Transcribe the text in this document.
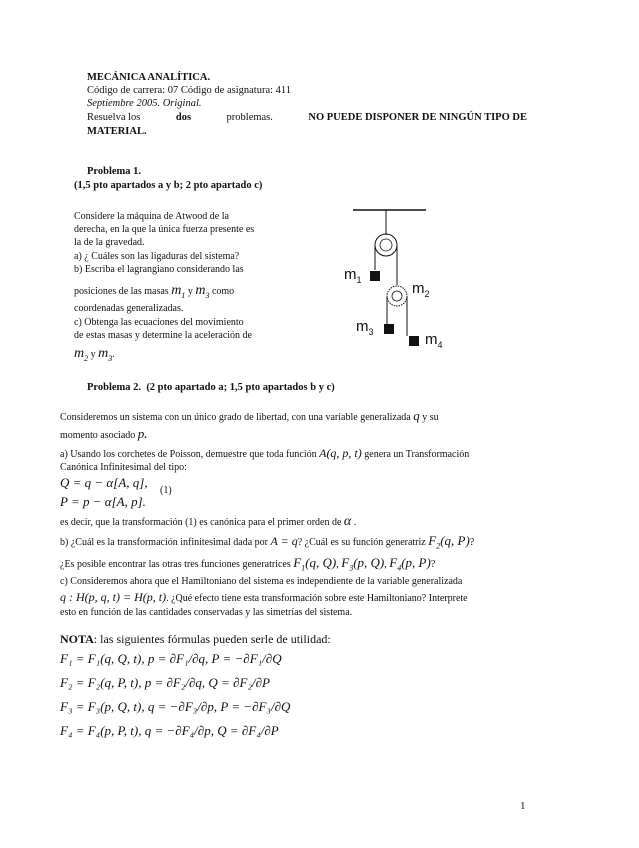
MECÁNICA ANALÍTICA.
Código de carrera: 07 Código de asignatura: 411
Septiembre 2005. Original.
Resuelva los	dos	problemas.	NO PUEDE DISPONER DE NINGÚN TIPO DE
MATERIAL.
Problema 1.
(1,5 pto apartados a y b; 2 pto apartado c)
Considere la máquina de Atwood de la
derecha, en la que la única fuerza presente es
la de la gravedad.
a) ¿ Cuáles son las ligaduras del sistema?
b) Escriba el lagrangiano considerando las
posiciones de las masas $m_1$ y $m_3$ como
coordenadas generalizadas.
c) Obtenga las ecuaciones del movimiento
de estas masas y determine la aceleración de
$m_2$ y $m_3$.
$m_1$	$m_2$
$m_3$	$m_4$
Problema 2. (2 pto apartado a; 1,5 pto apartados b y c)
Consideremos un sistema con un único grado de libertad, con una variable generalizada q y su
momento asociado p.
a) Usando los corchetes de Poisson, demuestre que toda función A(q, p, t) genera un Transformación
Canónica Infinitesimal del tipo:
Q = q − α[A, q],
P = p − α[A, p].
(1)
es decir, que la transformación (1) es canónica para el primer orden de α .
b) ¿Cuál es la transformación infinitesimal dada por A = q? ¿Cuál es su función generatriz $F_2(q$, P)?
¿Es posible encontrar las otras tres funciones generatrices $F_1(q$, Q), $F_3(p$, Q), $F_4(p$, P)?
c) Consideremos ahora que el Hamiltoniano del sistema es independiente de la variable generalizada
q : H(p, q, t) = H(p, t). ¿Qué efecto tiene esta transformación sobre este Hamiltoniano? Interprete
esto en función de las cantidades conservadas y las simetrías del sistema.
NOTA: las siguientes fórmulas pueden serle de utilidad:
F₁ = F₁(q, Q, t), p = ∂F₁/∂q, P = −∂F₁/∂Q
F₂ = F₂(q, P, t), p = ∂F₂/∂q, Q = ∂F₂/∂P
F₃ = F₃(p, Q, t), q = −∂F₃/∂p, P = −∂F₃/∂Q
F₄ = F₄(p, P, t), q = −∂F₄/∂p, Q = ∂F₄/∂P
1
